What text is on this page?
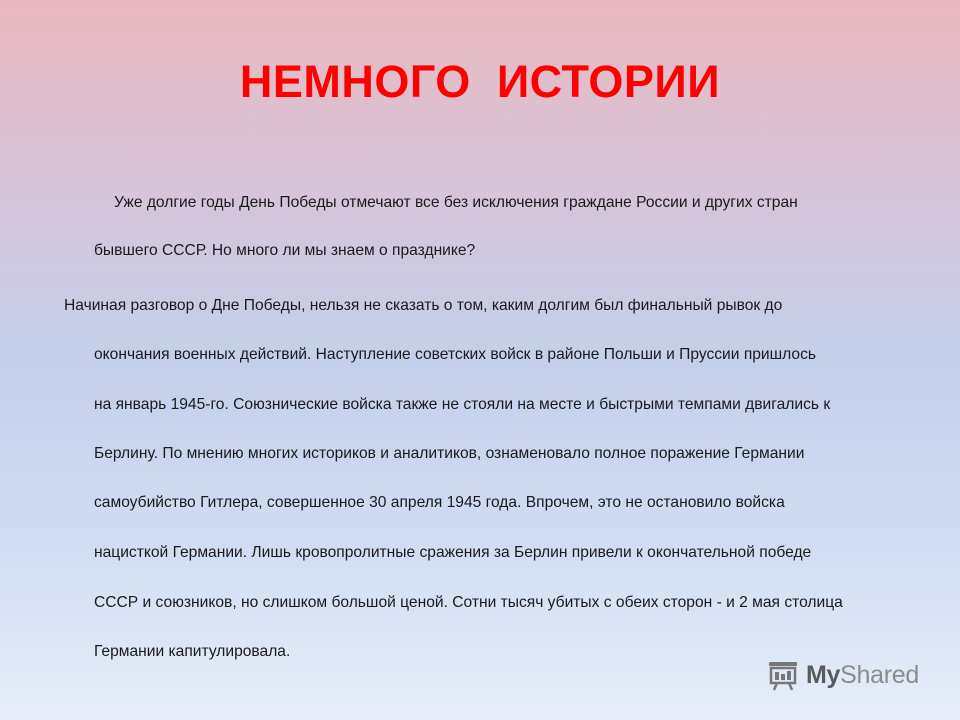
НЕМНОГО  ИСТОРИИ
Уже долгие годы День Победы отмечают все без исключения граждане России и других стран
бывшего СССР. Но много ли мы знаем о празднике?
Начиная разговор о Дне Победы, нельзя не сказать о том, каким долгим был финальный рывок до
окончания военных действий. Наступление советских войск в районе Польши и Пруссии пришлось
на январь 1945-го. Союзнические войска также не стояли на месте и быстрыми темпами двигались к
Берлину. По мнению многих историков и аналитиков, ознаменовало полное поражение Германии
самоубийство Гитлера, совершенное 30 апреля 1945 года. Впрочем, это не остановило войска
нацисткой Германии. Лишь кровопролитные сражения за Берлин привели к окончательной победе
СССР и союзников, но слишком большой ценой. Сотни тысяч убитых с обеих сторон - и 2 мая столица
Германии капитулировала.
MyShared
